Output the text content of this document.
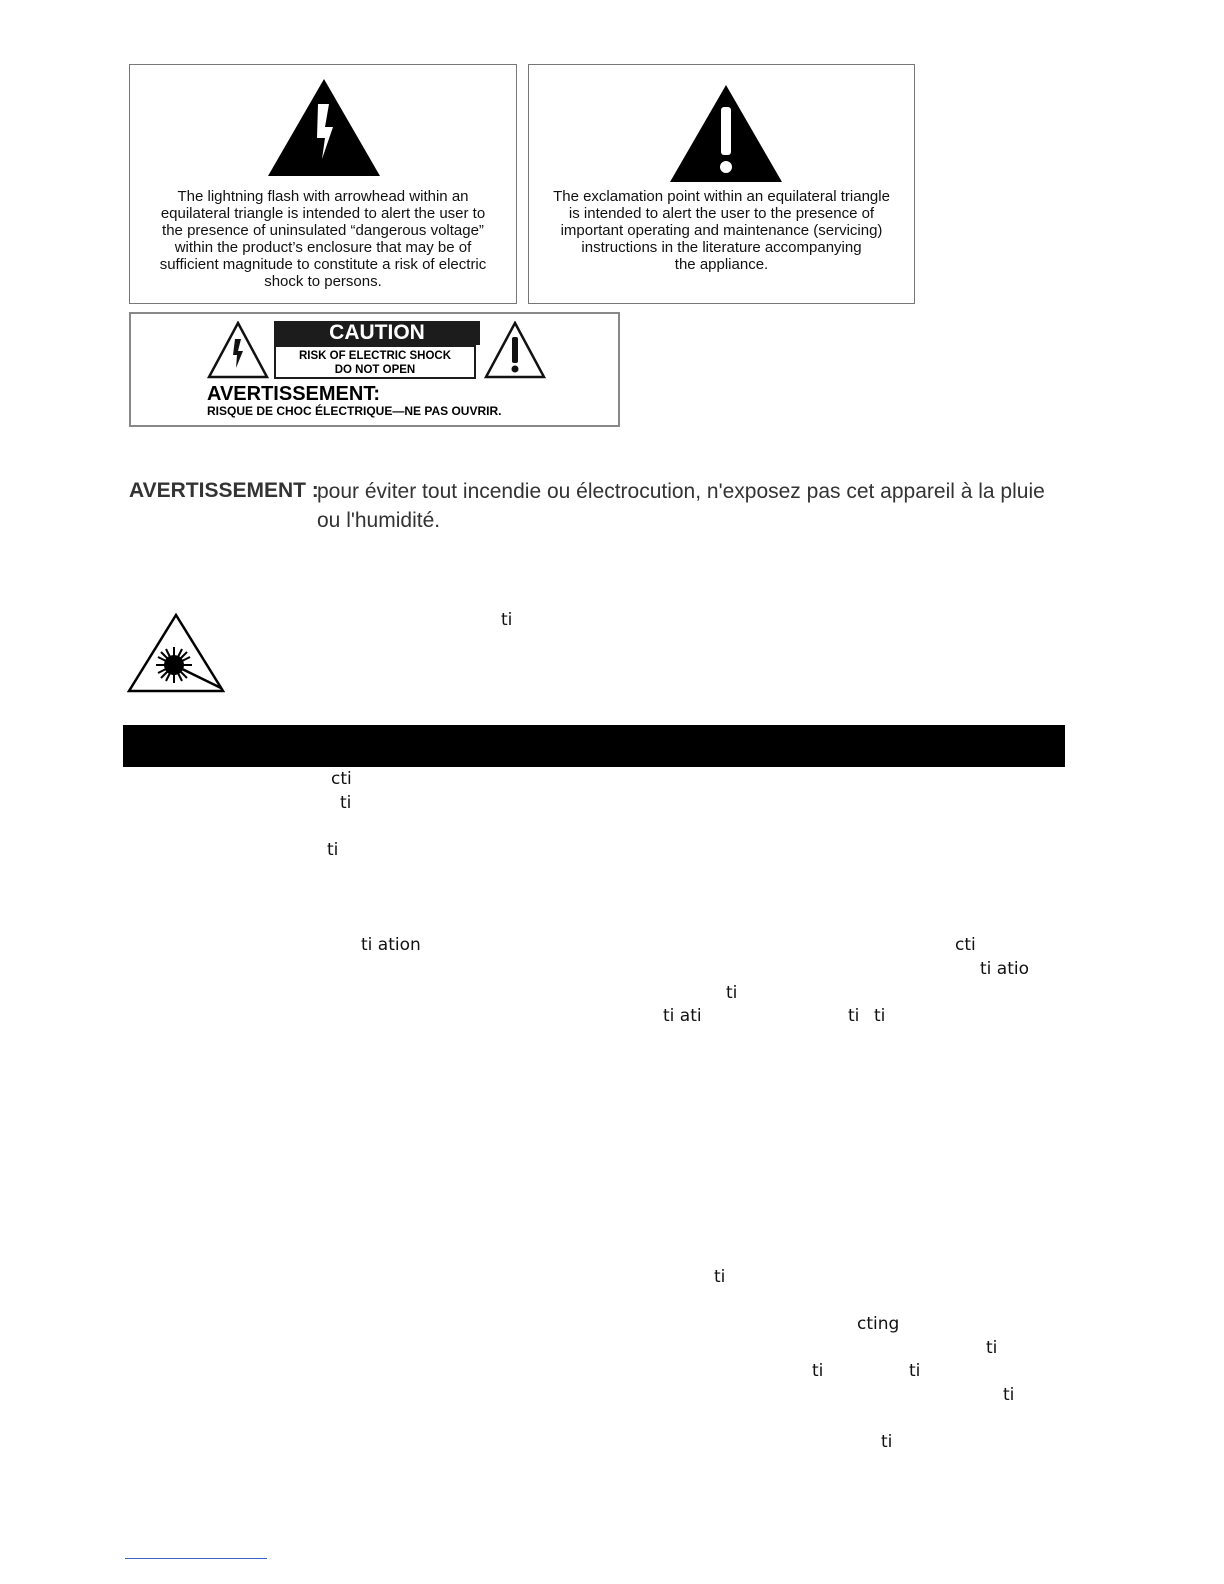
The lightning flash with arrowhead within an
equilateral triangle is intended to alert the user to
the presence of uninsulated “dangerous voltage”
within the product’s enclosure that may be of
sufficient magnitude to constitute a risk of electric
shock to persons.

The exclamation point within an equilateral triangle
is intended to alert the user to the presence of
important operating and maintenance (servicing)
instructions in the literature accompanying
the appliance.

CAUTION
RISK OF ELECTRIC SHOCK
DO NOT OPEN
AVERTISSEMENT:
RISQUE DE CHOC ÉLECTRIQUE—NE PAS OUVRIR.
AVERTISSEMENT :
pour éviter tout incendie ou électrocution, n'exposez pas cet appareil à la pluie ou l'humidité.
ti
cti
ti
ti
ti ation	cti
ti atio
ti
ti ati	ti ti
ti
cting
ti
ti	ti
ti
ti
